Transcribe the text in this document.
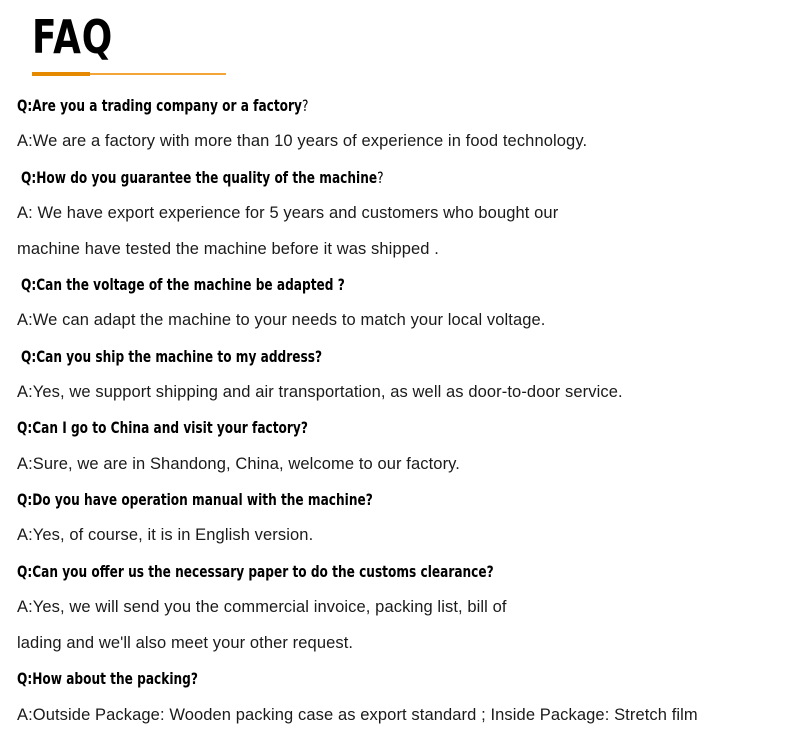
FAQ
Q:Are you a trading company or a factory?
A:We are a factory with more than 10 years of experience in food technology.
Q:How do you guarantee the quality of the machine?
A: We have export experience for 5 years and customers who bought our
machine have tested the machine before it was shipped .
Q:Can the voltage of the machine be adapted ?
A:We can adapt the machine to your needs to match your local voltage.
Q:Can you ship the machine to my address?
A:Yes, we support shipping and air transportation, as well as door-to-door service.
Q:Can I go to China and visit your factory?
A:Sure, we are in Shandong, China, welcome to our factory.
Q:Do you have operation manual with the machine?
A:Yes, of course, it is in English version.
Q:Can you offer us the necessary paper to do the customs clearance?
A:Yes, we will send you the commercial invoice, packing list, bill of
lading and we'll also meet your other request.
Q:How about the packing?
A:Outside Package: Wooden packing case as export standard ; Inside Package: Stretch film
